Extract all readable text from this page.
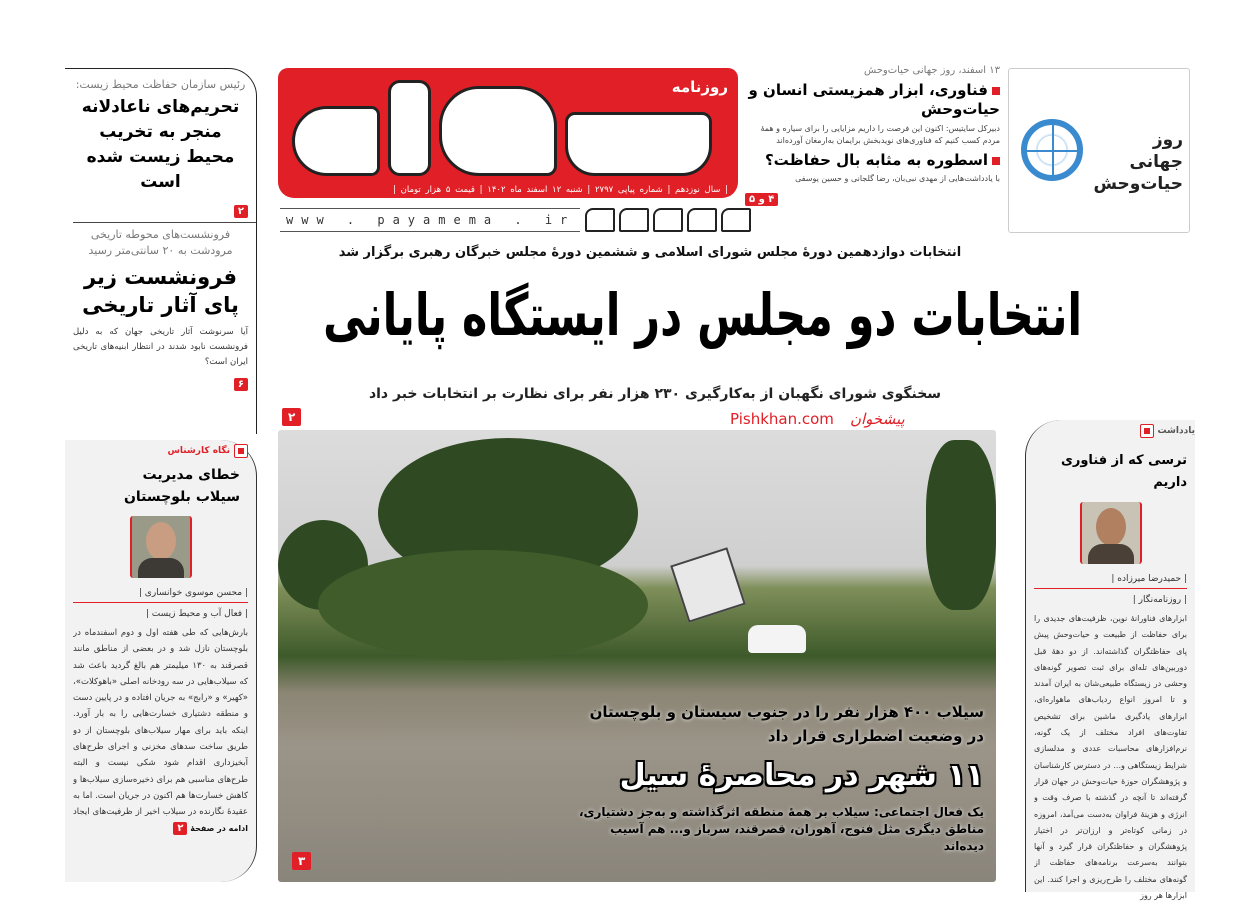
رئیس سازمان حفاظت محیط زیست:
تحریم‌های ناعادلانه منجر به تخریب محیط زیست شده است
۲
فرونشست‌های محوطه تاریخی مرودشت به ۲۰ سانتی‌متر رسید
فرونشست زیر پای آثار تاریخی
آیا سرنوشت آثار تاریخی جهان که به دلیل فرونشست نابود شدند در انتظار ابنیه‌های تاریخی ایران است؟
۶
نگاه کارشناس
خطای مدیریت سیلاب بلوچستان
| محسن موسوی خوانساری |
| فعال آب و محیط زیست |
بارش‌هایی که طی هفته اول و دوم اسفندماه در بلوچستان نازل شد و در بعضی از مناطق مانند قصرقند به ۱۳۰ میلیمتر هم بالغ گردید باعث شد که سیلاب‌هایی در سه رودخانه اصلی «باهوکلات»، «کهیر» و «رابج» به جریان افتاده و در پایین دست و منطقه دشتیاری خسارت‌هایی را به بار آورد. اینکه باید برای مهار سیلاب‌های بلوچستان از دو طریق ساخت سدهای مخزنی و اجرای طرح‌های آبخیزداری اقدام شود شکی نیست و البته طرح‌های مناسبی هم برای ذخیره‌سازی سیلاب‌ها و کاهش خسارت‌ها هم اکنون در جریان است. اما به عقیدهٔ نگارنده در سیلاب اخیر از ظرفیت‌های ایجاد
ادامه در صفحهٔ ۲
روزنامه
| سال نوزدهم | شماره پیاپی ۲۷۹۷ | شنبه ۱۲ اسفند ماه ۱۴۰۲ | قیمت ۵ هزار تومان |
www . payamema . ir
روز جهانی حیات‌وحش
۱۳ اسفند، روز جهانی حیات‌وحش
فناوری، ابزار همزیستی انسان و حیات‌وحش
دبیرکل سایتیس: اکنون این فرصت را داریم مزایایی را برای سیاره و همهٔ مردم کسب کنیم که فناوری‌های نویدبخش برایمان به‌ارمغان آورده‌اند
اسطوره به مثابه بال حفاظت؟
با یادداشت‌هایی از مهدی نبی‌بان، رضا گلجانی و حسین یوسفی
۴ و ۵
انتخابات دوازدهمین دورهٔ مجلس شورای اسلامی و ششمین دورهٔ مجلس خبرگان رهبری برگزار شد
انتخابات دو مجلس در ایستگاه پایانی
سخنگوی شورای نگهبان از به‌کارگیری ۲۳۰ هزار نفر برای نظارت بر انتخابات خبر داد
۲	پیشخوان
Pishkhan.com
سیلاب ۴۰۰ هزار نفر را در جنوب سیستان و بلوچستان در وضعیت اضطراری قرار داد
۱۱ شهر در محاصرهٔ سیل
یک فعال اجتماعی: سیلاب بر همهٔ منطقه اثرگذاشته و به‌جز دشتیاری، مناطق دیگری مثل فنوج، آهوران، قصرقند، سرباز و... هم آسیب دیده‌اند
۳
یادداشت
ترسی که از فناوری داریم
| حمیدرضا میرزاده |
| روزنامه‌نگار |
ابزارهای فناورانهٔ نوین، ظرفیت‌های جدیدی را برای حفاظت از طبیعت و حیات‌وحش پیش پای حفاظتگران گذاشته‌اند. از دو دههٔ قبل دوربین‌های تله‌ای برای ثبت تصویر گونه‌های وحشی در زیستگاه طبیعی‌شان به ایران آمدند و تا امروز انواع ردیاب‌های ماهواره‌ای، ابزارهای یادگیری ماشین برای تشخیص تفاوت‌های افراد مختلف از یک گونه، نرم‌افزارهای محاسبات عددی و مدلسازی شرایط زیستگاهی و... در دسترس کارشناسان و پژوهشگران حوزهٔ حیات‌وحش در جهان قرار گرفته‌اند تا آنچه در گذشته با صرف وقت و انرژی و هزینهٔ فراوان به‌دست می‌آمد، امروزه در زمانی کوتاه‌تر و ارزان‌تر در اختیار پژوهشگران و حفاظتگران قرار گیرد و آنها بتوانند به‌سرعت برنامه‌های حفاظت از گونه‌های مختلف را طرح‌ریزی و اجرا کنند. این ابزارها هر روز
